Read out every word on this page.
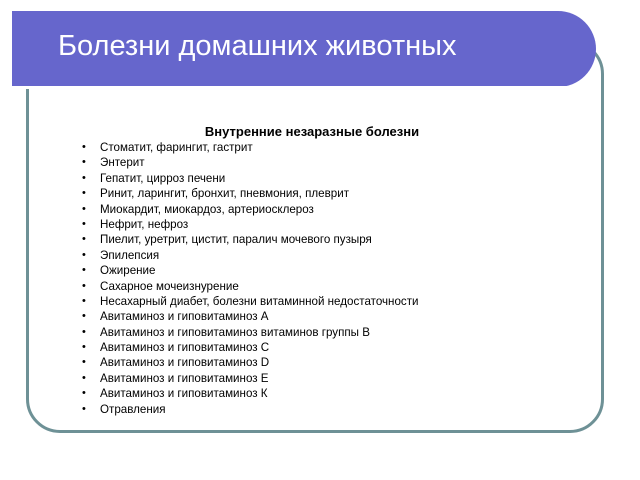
Болезни домашних животных
Внутренние незаразные болезни
• Стоматит, фарингит, гастрит
• Энтерит
• Гепатит, цирроз печени
• Ринит, ларингит, бронхит, пневмония, плеврит
• Миокардит, миокардоз, артериосклероз
• Нефрит, нефроз
• Пиелит, уретрит, цистит, паралич мочевого пузыря
• Эпилепсия
• Ожирение
• Сахарное мочеизнурение
• Несахарный диабет, болезни витаминной недостаточности
• Авитаминоз и гиповитаминоз А
• Авитаминоз и гиповитаминоз витаминов группы В
• Авитаминоз и гиповитаминоз С
• Авитаминоз и гиповитаминоз D
• Авитаминоз и гиповитаминоз Е
• Авитаминоз и гиповитаминоз К
• Отравления
